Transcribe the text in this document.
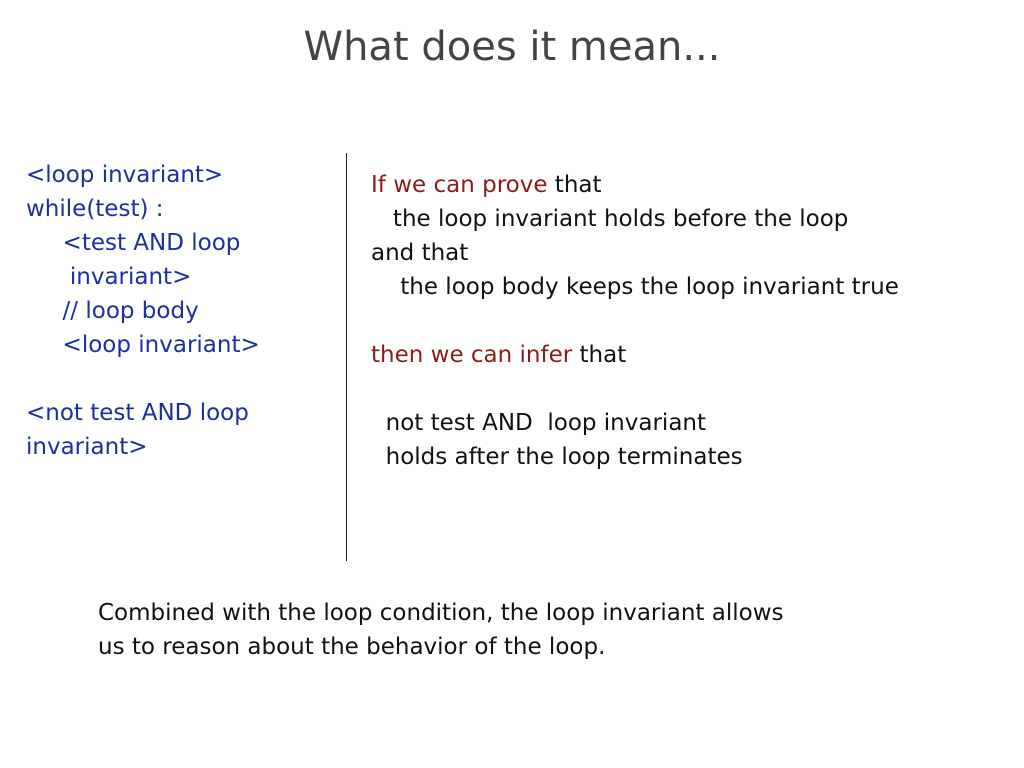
What does it mean...
<loop invariant>
while(test) :
<test AND loop
invariant>
// loop body
<loop invariant>
<not test AND loop
invariant>
If we can prove that
the loop invariant holds before the loop
and that
the loop body keeps the loop invariant true
then we can infer that
not test AND  loop invariant
holds after the loop terminates
Combined with the loop condition, the loop invariant allows
us to reason about the behavior of the loop.
